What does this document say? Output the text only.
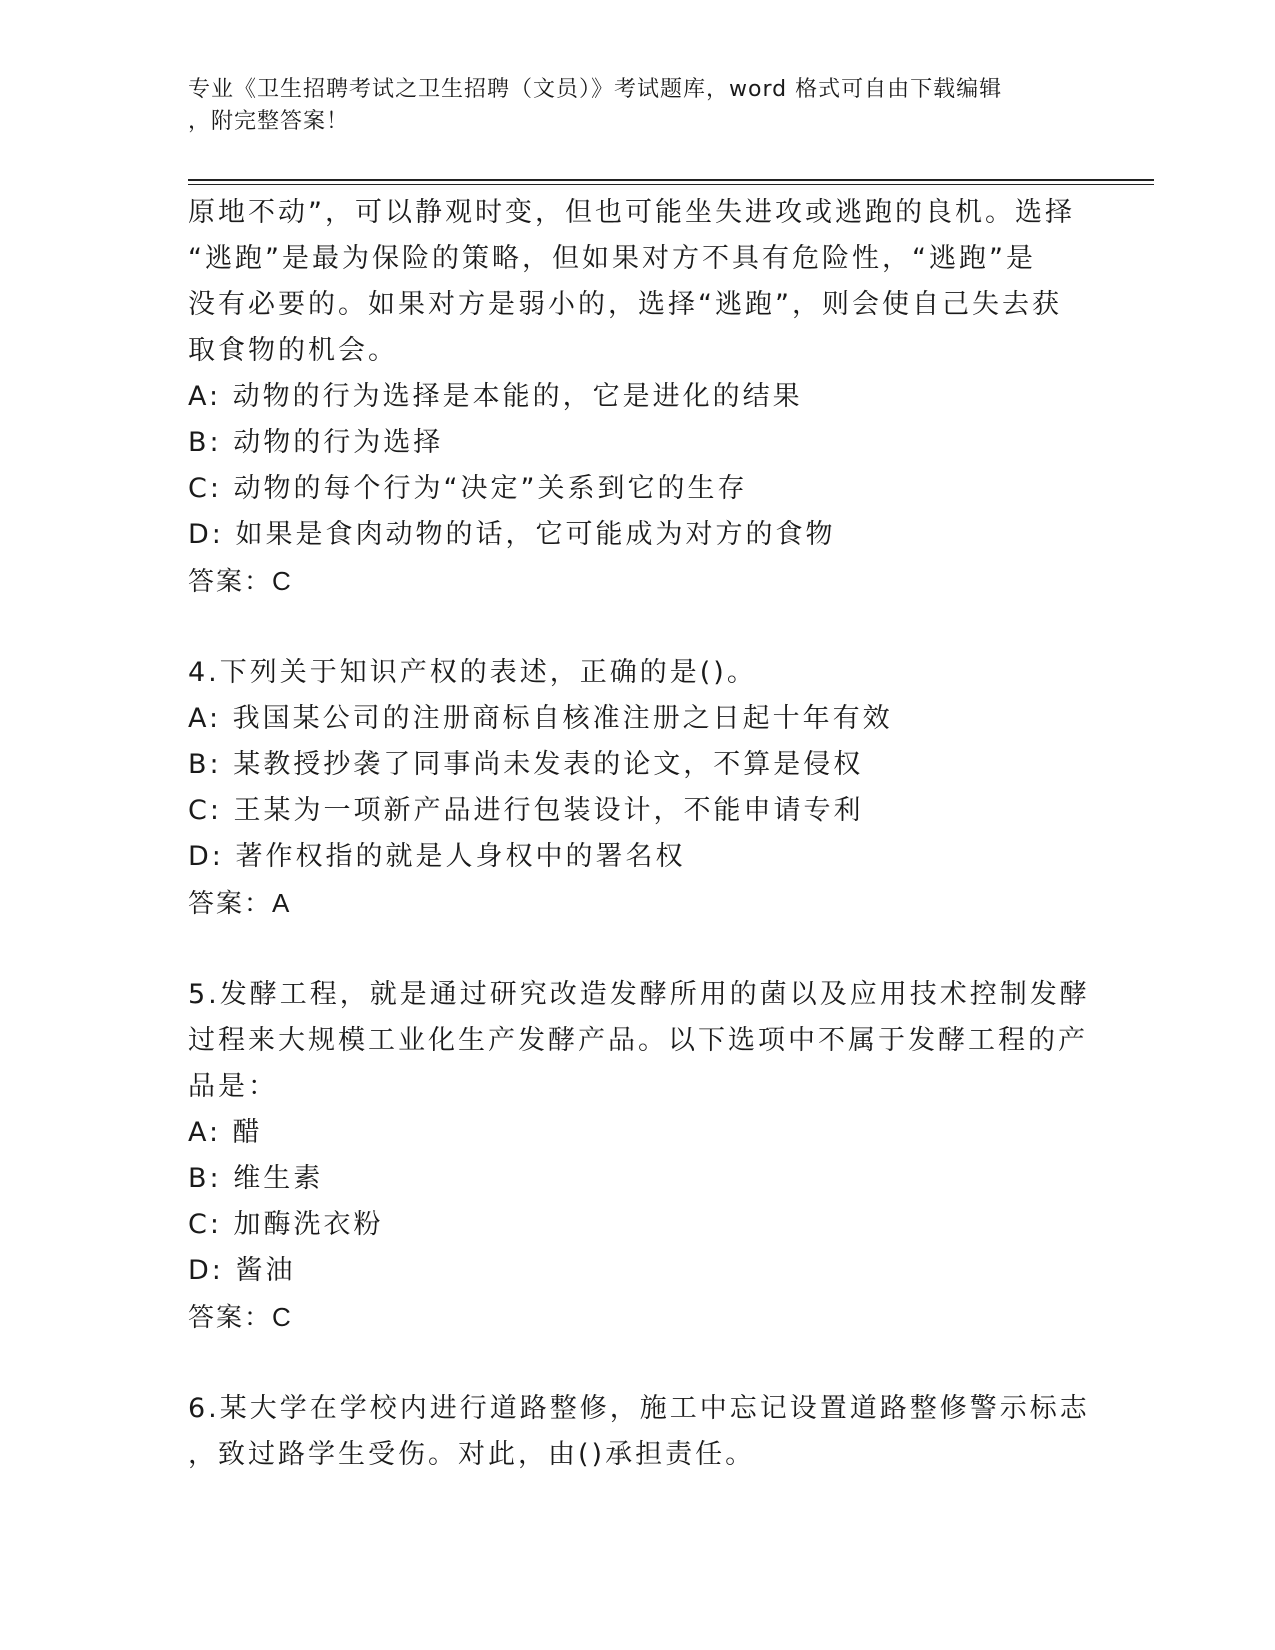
专业《卫生招聘考试之卫生招聘（文员）》考试题库，word 格式可自由下载编辑
，附完整答案！
原地不动”，可以静观时变，但也可能坐失进攻或逃跑的良机。选择
“逃跑”是最为保险的策略，但如果对方不具有危险性，“逃跑”是
没有必要的。如果对方是弱小的，选择“逃跑”，则会使自己失去获
取食物的机会。
A: 动物的行为选择是本能的，它是进化的结果
B: 动物的行为选择
C: 动物的每个行为“决定”关系到它的生存
D: 如果是食肉动物的话，它可能成为对方的食物
答案：C
4.下列关于知识产权的表述，正确的是()。
A: 我国某公司的注册商标自核准注册之日起十年有效
B: 某教授抄袭了同事尚未发表的论文，不算是侵权
C: 王某为一项新产品进行包装设计，不能申请专利
D: 著作权指的就是人身权中的署名权
答案：A
5.发酵工程，就是通过研究改造发酵所用的菌以及应用技术控制发酵
过程来大规模工业化生产发酵产品。以下选项中不属于发酵工程的产
品是：
A: 醋
B: 维生素
C: 加酶洗衣粉
D: 酱油
答案：C
6.某大学在学校内进行道路整修，施工中忘记设置道路整修警示标志
，致过路学生受伤。对此，由()承担责任。
